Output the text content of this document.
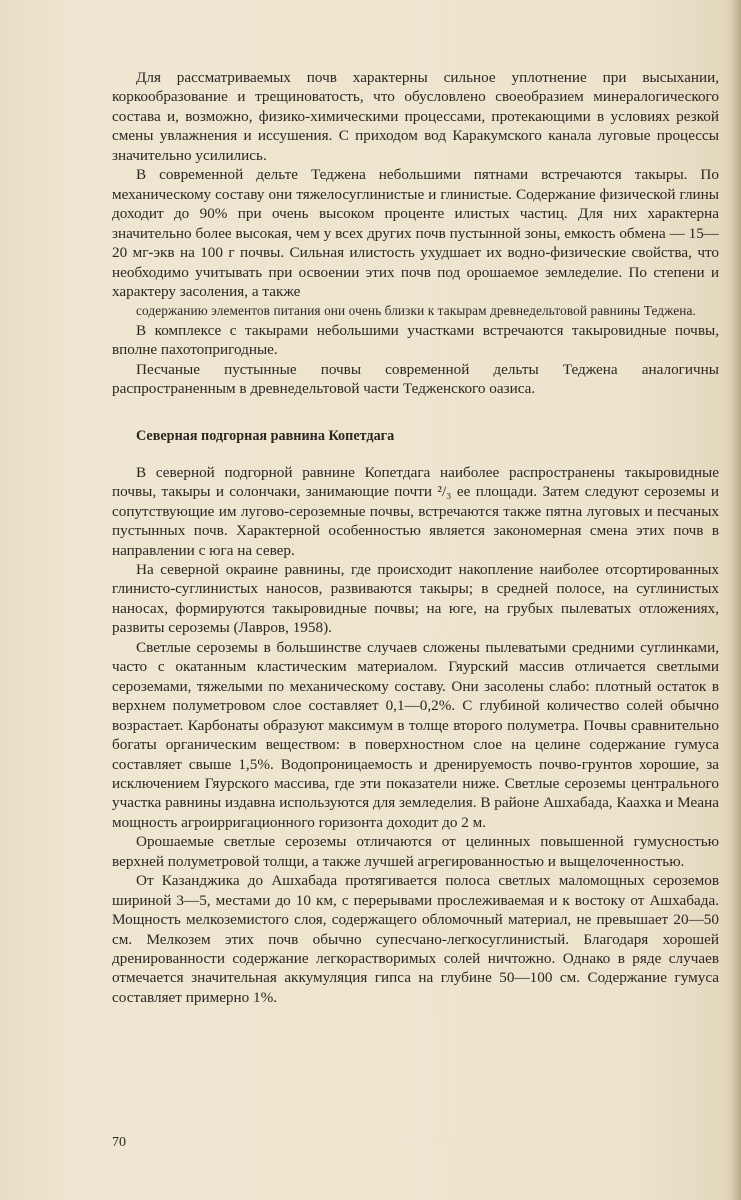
Для рассматриваемых почв характерны сильное уплотнение при высыхании, коркообразование и трещиноватость, что обусловлено своеобразием минералогического состава и, возможно, физико-химическими процессами, протекающими в условиях резкой смены увлажнения и иссушения. С приходом вод Каракумского канала луговые процессы значительно усилились.

В современной дельте Теджена небольшими пятнами встречаются такыры. По механическому составу они тяжелосуглинистые и глинистые. Содержание физической глины доходит до 90% при очень высоком проценте илистых частиц. Для них характерна значительно более высокая, чем у всех других почв пустынной зоны, емкость обмена — 15—20 мг-экв на 100 г почвы. Сильная илистость ухудшает их водно-физические свойства, что необходимо учитывать при освоении этих почв под орошаемое земледелие. По степени и характеру засоления, а также

содержанию элементов питания они очень близки к такырам древнедельтовой равнины Теджена.

В комплексе с такырами небольшими участками встречаются такыровидные почвы, вполне пахотопригодные.

Песчаные пустынные почвы современной дельты Теджена аналогичны распространенным в древнедельтовой части Тедженского оазиса.

Северная подгорная равнина Копетдага

В северной подгорной равнине Копетдага наиболее распространены такыровидные почвы, такыры и солончаки, занимающие почти ²/₃ ее площади. Затем следуют сероземы и сопутствующие им лугово-сероземные почвы, встречаются также пятна луговых и песчаных пустынных почв. Характерной особенностью является закономерная смена этих почв в направлении с юга на север.

На северной окраине равнины, где происходит накопление наиболее отсортированных глинисто-суглинистых наносов, развиваются такыры; в средней полосе, на суглинистых наносах, формируются такыровидные почвы; на юге, на грубых пылеватых отложениях, развиты сероземы (Лавров, 1958).

Светлые сероземы в большинстве случаев сложены пылеватыми средними суглинками, часто с окатанным кластическим материалом. Гяурский массив отличается светлыми сероземами, тяжелыми по механическому составу. Они засолены слабо: плотный остаток в верхнем полуметровом слое составляет 0,1—0,2%. С глубиной количество солей обычно возрастает. Карбонаты образуют максимум в толще второго полуметра. Почвы сравнительно богаты органическим веществом: в поверхностном слое на целине содержание гумуса составляет свыше 1,5%. Водопроницаемость и дренируемость почво-грунтов хорошие, за исключением Гяурского массива, где эти показатели ниже. Светлые сероземы центрального участка равнины издавна используются для земледелия. В районе Ашхабада, Каахка и Меана мощность агроирригационного горизонта доходит до 2 м.

Орошаемые светлые сероземы отличаются от целинных повышенной гумусностью верхней полуметровой толщи, а также лучшей агрегированностью и выщелоченностью.

От Казанджика до Ашхабада протягивается полоса светлых маломощных сероземов шириной 3—5, местами до 10 км, с перерывами прослеживаемая и к востоку от Ашхабада. Мощность мелкоземистого слоя, содержащего обломочный материал, не превышает 20—50 см. Мелкозем этих почв обычно супесчано-легкосуглинистый. Благодаря хорошей дренированности содержание легкорастворимых солей ничтожно. Однако в ряде случаев отмечается значительная аккумуляция гипса на глубине 50—100 см. Содержание гумуса составляет примерно 1%.

70
